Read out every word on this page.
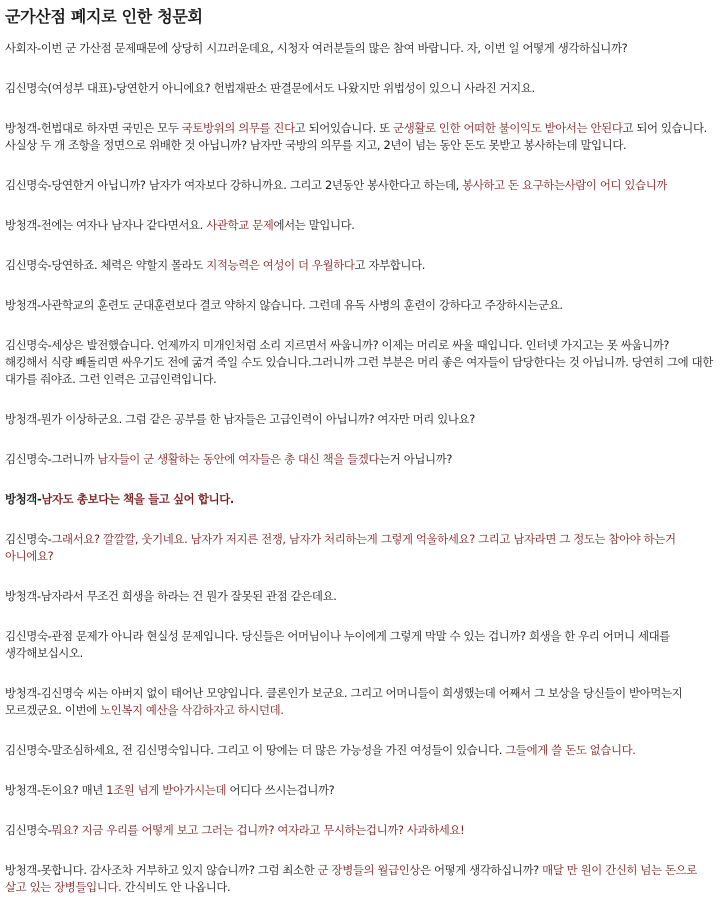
군가산점 폐지로 인한 청문회
사회자-이번 군 가산점 문제때문에 상당히 시끄러운데요, 시청자 여러분들의 많은 참여 바랍니다. 자, 이번 일 어떻게 생각하십니까?
김신명숙(여성부 대표)-당연한거 아니에요? 헌법재판소 판결문에서도 나왔지만 위법성이 있으니 사라진 거지요.
방청객-헌법대로 하자면 국민은 모두 국토방위의 의무를 진다고 되어있습니다. 또 군생활로 인한 어떠한 불이익도 받아서는 안된다고 되어 있습니다. 사실상 두 개 조항을 정면으로 위배한 것 아닙니까? 남자만 국방의 의무를 지고, 2년이 넘는 동안 돈도 못받고 봉사하는데 말입니다.
김신명숙-당연한거 아닙니까? 남자가 여자보다 강하니까요. 그리고 2년동안 봉사한다고 하는데, 봉사하고 돈 요구하는사람이 어디 있습니까
방청객-전에는 여자나 남자나 같다면서요. 사관학교 문제에서는 말입니다.
김신명숙-당연하죠. 체력은 약할지 몰라도 지적능력은 여성이 더 우월하다고 자부합니다.
방청객-사관학교의 훈련도 군대훈련보다 결코 약하지 않습니다. 그런데 유독 사병의 훈련이 강하다고 주장하시는군요.
김신명숙-세상은 발전했습니다. 언제까지 미개인처럼 소리 지르면서 싸웁니까? 이제는 머리로 싸울 때입니다. 인터넷 가지고는 못 싸웁니까? 해킹해서 식량 빼돌리면 싸우기도 전에 굶겨 죽일 수도 있습니다.그러니까 그런 부분은 머리 좋은 여자들이 담당한다는 것 아닙니까. 당연히 그에 대한 대가를 줘야죠. 그런 인력은 고급인력입니다.
방청객-뭔가 이상하군요. 그럼 같은 공부를 한 남자들은 고급인력이 아닙니까? 여자만 머리 있나요?
김신명숙-그러니까 남자들이 군 생활하는 동안에 여자들은 총 대신 책을 들겠다는거 아닙니까?
방청객-남자도 총보다는 책을 들고 싶어 합니다.
김신명숙-그래서요? 깔깔깔, 웃기네요. 남자가 저지른 전쟁, 남자가 처리하는게 그렇게 억울하세요? 그리고 남자라면 그 정도는 참아야 하는거 아니에요?
방청객-남자라서 무조건 희생을 하라는 건 뭔가 잘못된 관점 같은데요.
김신명숙-관점 문제가 아니라 현실성 문제입니다. 당신들은 어머님이나 누이에게 그렇게 막말 수 있는 겁니까? 희생을 한 우리 어머니 세대를 생각해보십시오.
방청객-김신명숙 씨는 아버지 없이 태어난 모양입니다. 클론인가 보군요. 그리고 어머니들이 희생했는데 어째서 그 보상을 당신들이 받아먹는지 모르겠군요. 이번에 노인복지 예산을 삭감하자고 하시던데.
김신명숙-말조심하세요, 전 김신명숙입니다. 그리고 이 땅에는 더 많은 가능성을 가진 여성들이 있습니다. 그들에게 쓸 돈도 없습니다.
방청객-돈이요? 매년 1조원 넘게 받아가시는데 어디다 쓰시는겁니까?
김신명숙-뭐요? 지금 우리를 어떻게 보고 그러는 겁니까? 여자라고 무시하는겁니까? 사과하세요!
방청객-못합니다. 감사조차 거부하고 있지 않습니까? 그럼 최소한 군 장병들의 월급인상은 어떻게 생각하십니까? 매달 만 원이 간신히 넘는 돈으로 살고 있는 장병들입니다. 간식비도 안 나옵니다.
